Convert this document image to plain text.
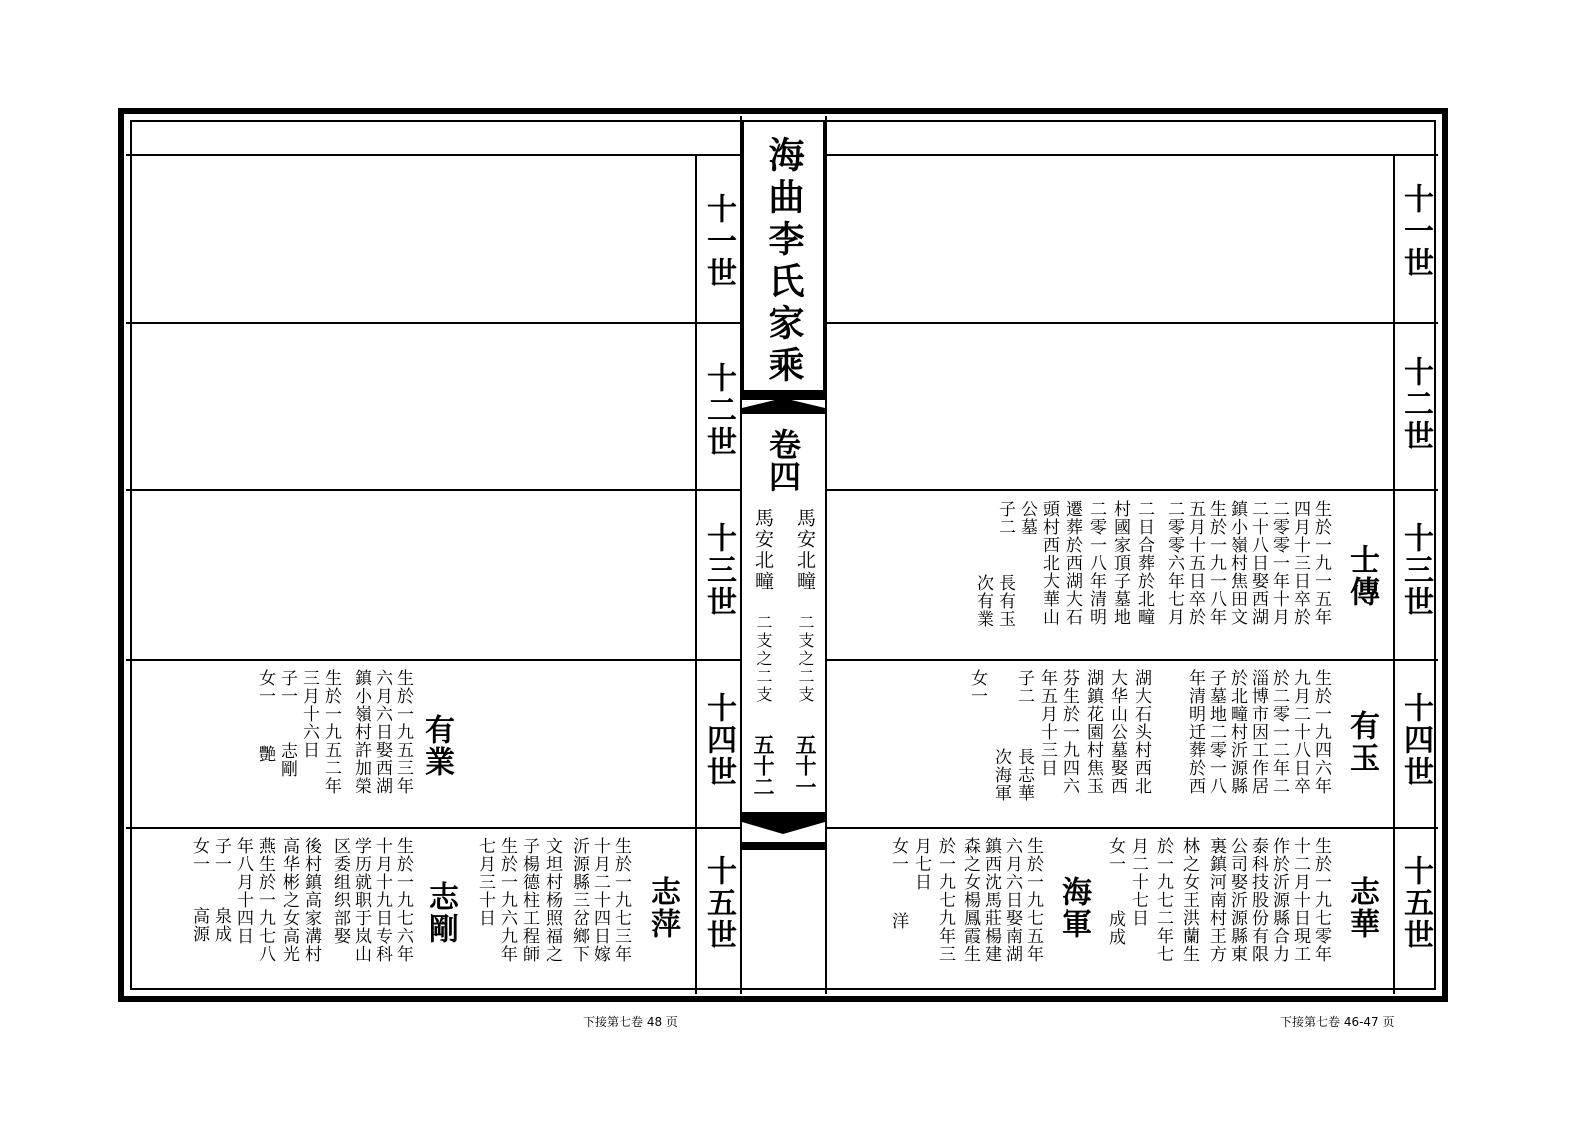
海曲李氏家乘
卷四
馬安北疃
馬安北疃
二支之二支
二支之二支
五十一
五十二
十一世
十二世
十三世
十四世
十五世
十一世
十二世
十三世
十四世
十五世
士傳
生於一九一五年
四月十三日卒於
二零零一年十月
二十八日娶西湖
鎮小嶺村焦田文
生於一九一八年
五月十五日卒於
二零零六年七月
二日合葬於北疃
村國家頂子墓地
二零一八年清明
遷葬於西湖大石
頭村西北大華山
公墓
子二
長有玉
次有業
有玉
生於一九四六年
九月二十八日卒
於二零一二年二
淄博市因工作居
於北疃村沂源縣
子墓地二零一八
年清明迁葬於西
湖大石头村西北
大华山公墓娶西
湖鎮花園村焦玉
芬生於一九四六
年五月十三日
子二
長志華
次海軍
女一
志華
生於一九七零年
十二月十日現工
作於沂源縣合力
泰科技股份有限
公司娶沂源縣東
裏鎮河南村王方
林之女王洪蘭生
於一九七二年七
月二十七日
女一
成成
海軍
生於一九七五年
六月六日娶南湖
鎮西沈馬莊楊建
森之女楊鳳霞生
於一九七九年三
月七日
女一
洋
有業
生於一九五三年
六月六日娶西湖
鎮小嶺村許加榮
生於一九五二年
三月十六日
子一
志剛
女一
艷
志萍
生於一九七三年
十月二十四日嫁
沂源縣三岔鄉下
文坦村杨照福之
子楊德柱工程師
生於一九六九年
七月三十日
志剛
生於一九七六年
十月十九日专科
学历就职于岚山
区委组织部娶
後村鎮高家溝村
高华彬之女高光
燕生於一九七八
年八月十四日
子一
泉成
女一
高源
下接第七卷 48 页	下接第七卷 46-47 页
